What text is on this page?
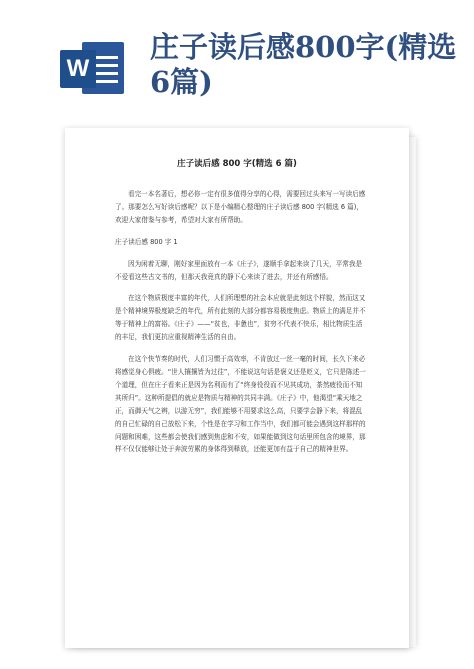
W
庄子读后感800字(精选6篇)
庄子读后感 800 字(精选 6 篇)

看完一本名著后，想必你一定有很多值得分享的心得，需要回过头来写一写读后感了。那要怎么写好读后感呢？以下是小编精心整理的庄子读后感 800 字(精选 6 篇)，欢迎大家借鉴与参考，希望对大家有所帮助。

庄子读后感 800 字 1

因为闲着无聊，刚好家里面放有一本《庄子》，遂顺手拿起来读了几天，平常我是不爱看这些古文书的，但那天我竟真的静下心来读了进去，并还有所感悟。

在这个物质极度丰富的年代，人们所理想的社会本应就是此刻这个样貌，然而这又是个精神境界极度缺乏的年代，所有此刻的大部分都容易极度焦虑。物质上的满足并不等于精神上的富裕。《庄子》——“贫也，非惫也”，贫穷不代表不快乐，相比物质生活的丰足，我们更抗应重视精神生活的自由。

在这个快节奏的时代，人们习惯于高效率，不肯放过一丝一毫的时间，长久下来必将感觉身心俱疲。“世人攘攘皆为过往”，不能说这句话是褒义还是贬义，它只是陈述一个道理，但在庄子看来正是因为名利而有了“终身役役而不见其成功，茶然疲役而不知其所归”。这种所提倡的就应是物质与精神的共同丰满。《庄子》中，他渴望“乘天地之正，而御天气之辨，以游无穷”，我们能够不用要求这么高，只要学会静下来，将混乱的自己忙碌的自己放松下来，个性是在学习和工作当中，我们都可能会遇到这样那样的问题和困难，这些都会使我们感到焦虑和不安，如果能做到这句话里所包含的境界，那样不仅仅能够让处于奔波劳累的身体得到释放，还能更加有益于自己的精神世界。

​
